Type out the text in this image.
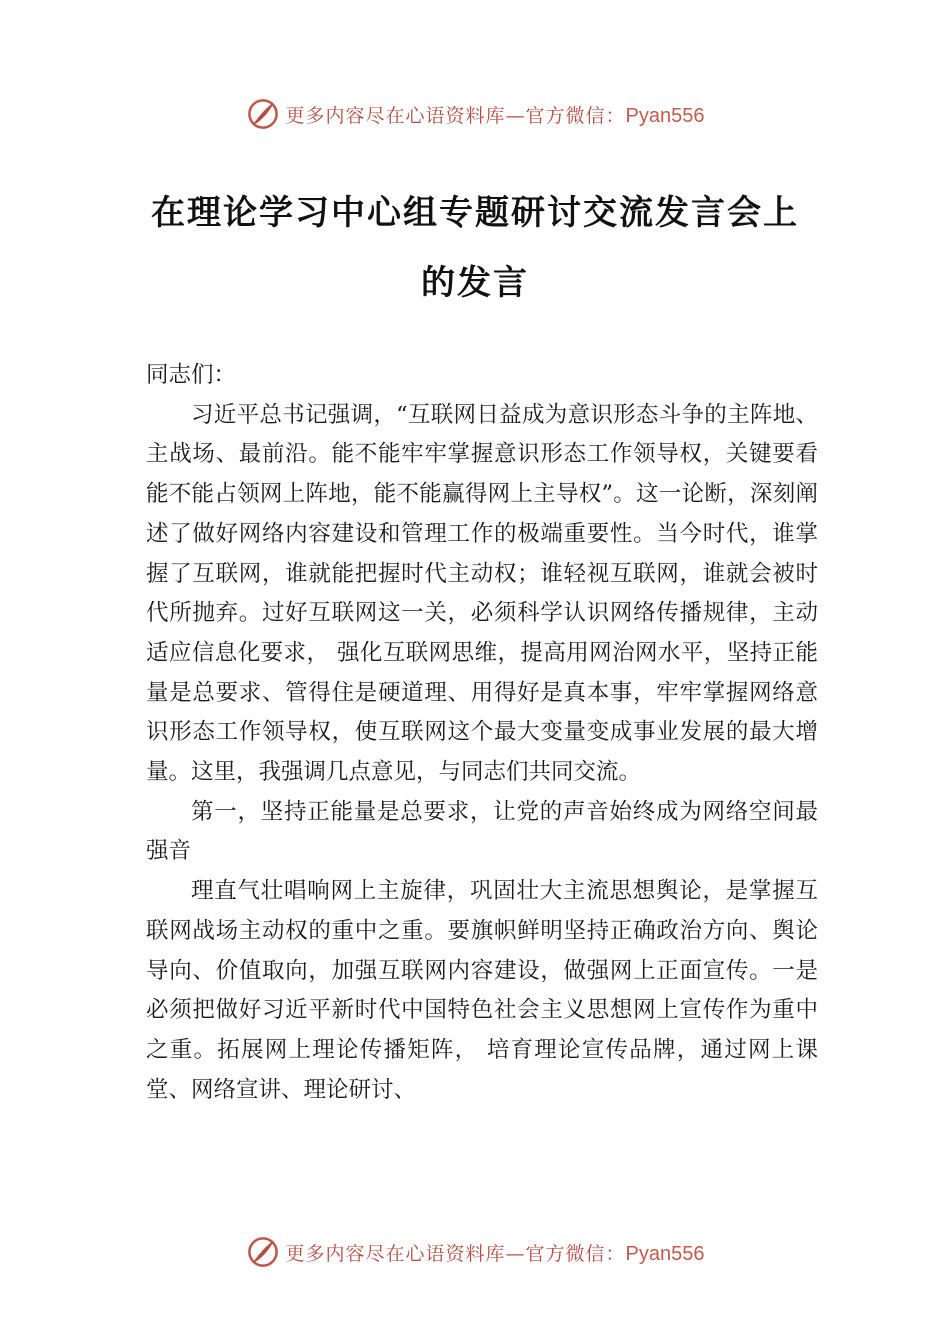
更多内容尽在心语资料库—官方微信：Pyan556
在理论学习中心组专题研讨交流发言会上的发言

同志们：

习近平总书记强调，“互联网日益成为意识形态斗争的主阵地、主战场、最前沿。能不能牢牢掌握意识形态工作领导权，关键要看能不能占领网上阵地，能不能赢得网上主导权”。这一论断，深刻阐述了做好网络内容建设和管理工作的极端重要性。当今时代，谁掌握了互联网，谁就能把握时代主动权；谁轻视互联网，谁就会被时代所抛弃。过好互联网这一关，必须科学认识网络传播规律，主动适应信息化要求， 强化互联网思维，提高用网治网水平，坚持正能量是总要求、管得住是硬道理、用得好是真本事，牢牢掌握网络意识形态工作领导权，使互联网这个最大变量变成事业发展的最大增量。这里，我强调几点意见，与同志们共同交流。

第一，坚持正能量是总要求，让党的声音始终成为网络空间最强音

理直气壮唱响网上主旋律，巩固壮大主流思想舆论，是掌握互联网战场主动权的重中之重。要旗帜鲜明坚持正确政治方向、舆论导向、价值取向，加强互联网内容建设，做强网上正面宣传。一是必须把做好习近平新时代中国特色社会主义思想网上宣传作为重中之重。拓展网上理论传播矩阵， 培育理论宣传品牌，通过网上课堂、网络宣讲、理论研讨、

更多内容尽在心语资料库—官方微信：Pyan556
